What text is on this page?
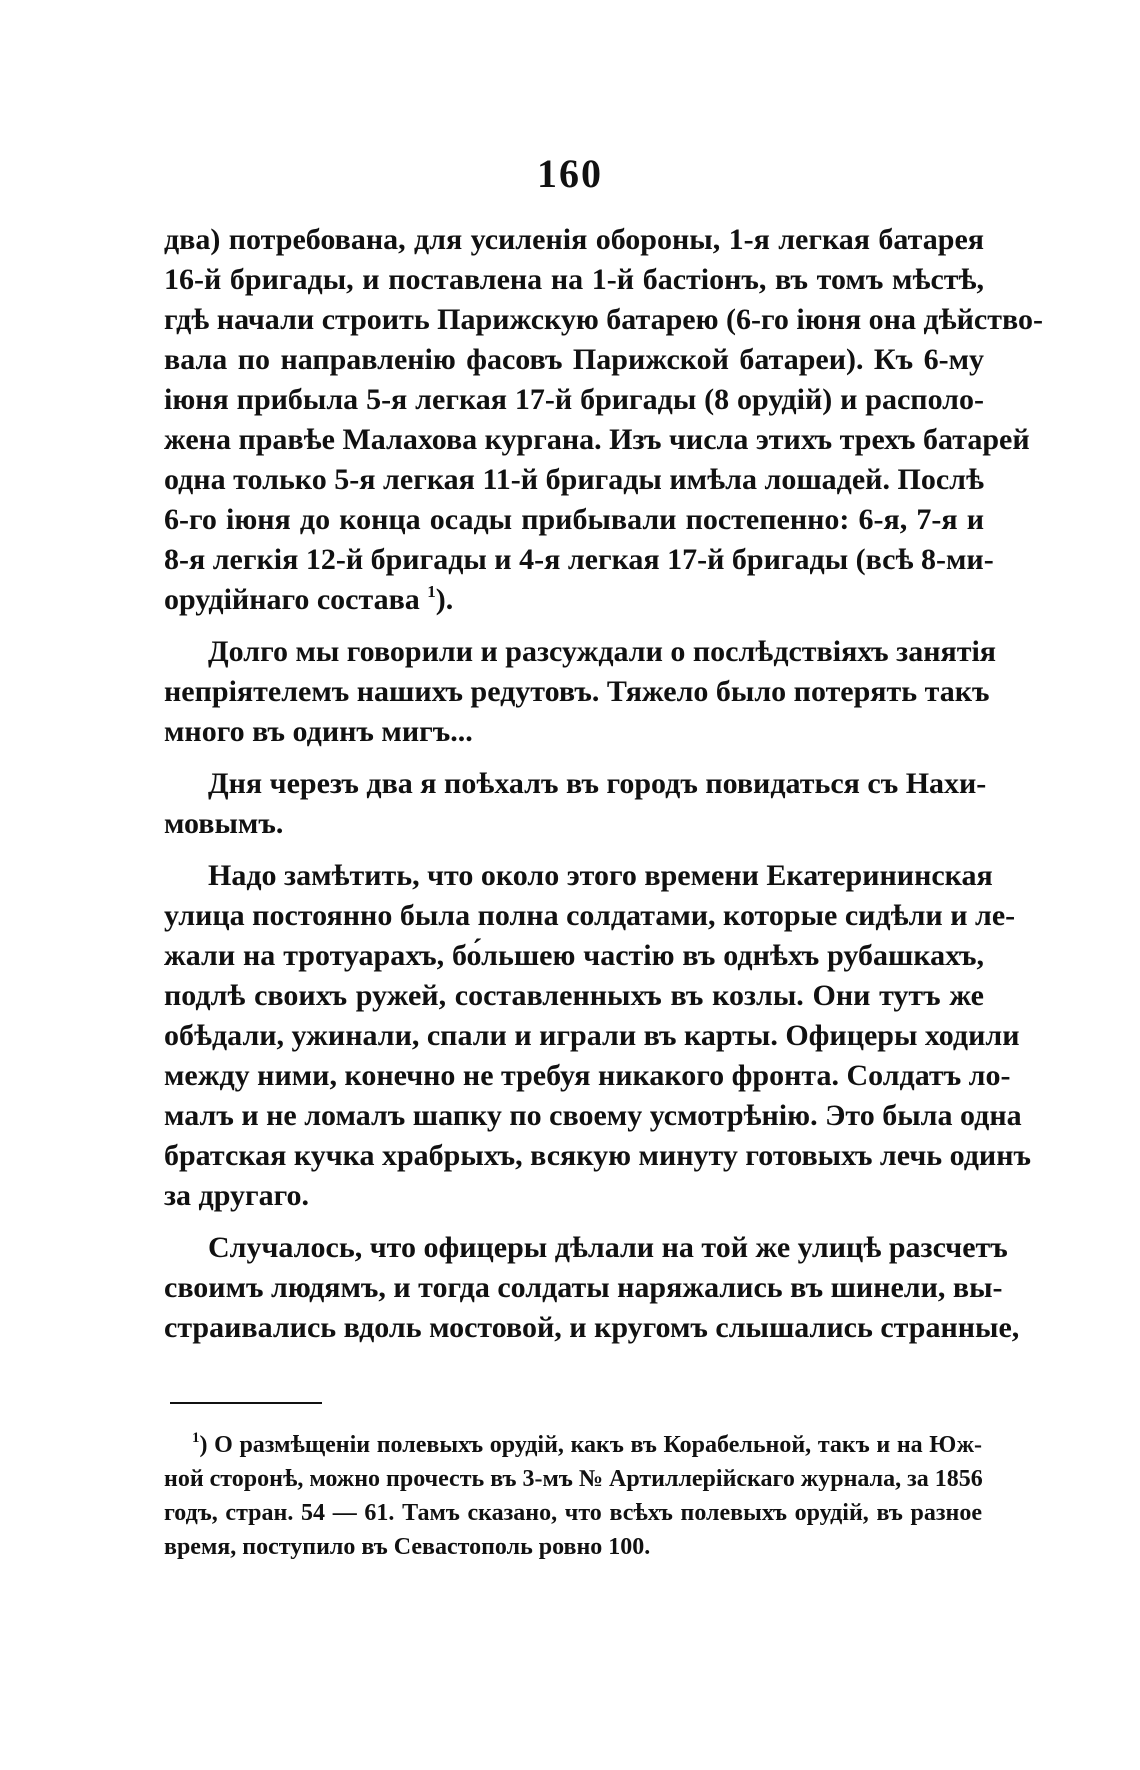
160
два) потребована, для усиленія обороны, 1-я легкая батарея
16-й бригады, и поставлена на 1-й бастіонъ, въ томъ мѣстѣ,
гдѣ начали строить Парижскую батарею (6-го іюня она дѣйство-
вала по направленію фасовъ Парижской батареи). Къ 6-му
іюня прибыла 5-я легкая 17-й бригады (8 орудій) и располо-
жена правѣе Малахова кургана. Изъ числа этихъ трехъ батарей
одна только 5-я легкая 11-й бригады имѣла лошадей. Послѣ
6-го іюня до конца осады прибывали постепенно: 6-я, 7-я и
8-я легкія 12-й бригады и 4-я легкая 17-й бригады (всѣ 8-ми-
орудійнаго состава $^1$).
Долго мы говорили и разсуждали о послѣдствіяхъ занятія
непріятелемъ нашихъ редутовъ. Тяжело было потерять такъ
много въ одинъ мигъ...
Дня черезъ два я поѣхалъ въ городъ повидаться съ Нахи-
мовымъ.
Надо замѣтить, что около этого времени Екатерининская
улица постоянно была полна солдатами, которые сидѣли и ле-
жали на тротуарахъ, бо́льшею частію въ однѣхъ рубашкахъ,
подлѣ своихъ ружей, составленныхъ въ козлы. Они тутъ же
обѣдали, ужинали, спали и играли въ карты. Офицеры ходили
между ними, конечно не требуя никакого фронта. Солдатъ ло-
малъ и не ломалъ шапку по своему усмотрѣнію. Это была одна
братская кучка храбрыхъ, всякую минуту готовыхъ лечь одинъ
за другаго.
Случалось, что офицеры дѣлали на той же улицѣ разсчетъ
своимъ людямъ, и тогда солдаты наряжались въ шинели, вы-
страивались вдоль мостовой, и кругомъ слышались странные,
$^1$) О размѣщеніи полевыхъ орудій, какъ въ Корабельной, такъ и на Юж-
ной сторонѣ, можно прочесть въ 3-мъ № Артиллерійскаго журнала, за 1856
годъ, стран. 54 — 61. Тамъ сказано, что всѣхъ полевыхъ орудій, въ разное
время, поступило въ Севастополь ровно 100.
